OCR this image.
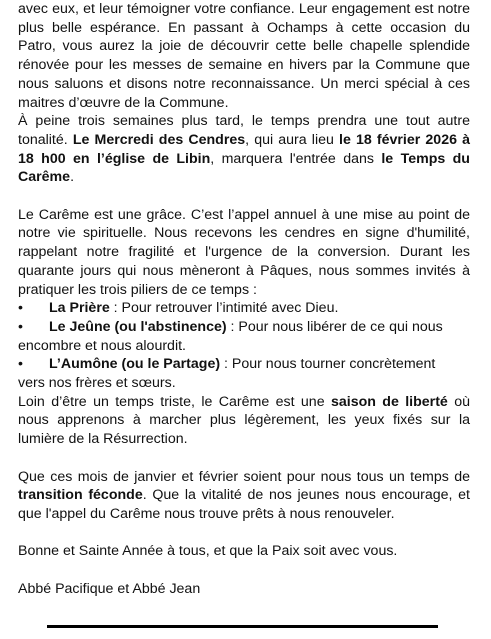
avec eux, et leur témoigner votre confiance. Leur engagement est notre plus belle espérance. En passant à Ochamps à cette occasion du Patro, vous aurez la joie de découvrir cette belle chapelle splendide rénovée pour les messes de semaine en hivers par la Commune que nous saluons et disons notre reconnaissance. Un merci spécial à ces maitres d’œuvre de la Commune.

À peine trois semaines plus tard, le temps prendra une tout autre tonalité. Le Mercredi des Cendres, qui aura lieu le 18 février 2026 à 18 h00 en l’église de Libin, marquera l'entrée dans le Temps du Carême.

Le Carême est une grâce. C’est l’appel annuel à une mise au point de notre vie spirituelle. Nous recevons les cendres en signe d'humilité, rappelant notre fragilité et l'urgence de la conversion. Durant les quarante jours qui nous mèneront à Pâques, nous sommes invités à pratiquer les trois piliers de ce temps :

•	La Prière : Pour retrouver l’intimité avec Dieu.
•	Le Jeûne (ou l'abstinence) : Pour nous libérer de ce qui nous

encombre et nous alourdit.

•	L’Aumône (ou le Partage) : Pour nous tourner concrètement

vers nos frères et sœurs.

Loin d’être un temps triste, le Carême est une saison de liberté où nous apprenons à marcher plus légèrement, les yeux fixés sur la lumière de la Résurrection.

Que ces mois de janvier et février soient pour nous tous un temps de transition féconde. Que la vitalité de nos jeunes nous encourage, et que l'appel du Carême nous trouve prêts à nous renouveler.

Bonne et Sainte Année à tous, et que la Paix soit avec vous.

Abbé Pacifique et Abbé Jean
